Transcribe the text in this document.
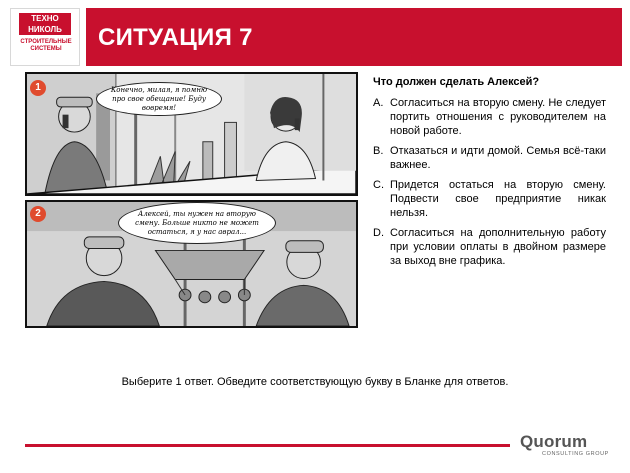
ТЕХНО
НИКОЛЬ
СТРОИТЕЛЬНЫЕ СИСТЕМЫ	СИТУАЦИЯ 7
1	Конечно, милая, я помню про свое обещание! Буду вовремя!
2	Алексей, ты нужен на вторую смену. Больше никто не может остаться, я у нас аврал...
Что должен сделать Алексей?
A. Согласиться на вторую смену. Не следует портить отношения с руководителем на новой работе.
B. Отказаться и идти домой. Семья всё-таки важнее.
C. Придется остаться на вторую смену. Подвести свое предприятие никак нельзя.
D. Согласиться на дополнительную работу при условии оплаты в двойном размере за выход вне графика.
Выберите 1 ответ. Обведите соответствующую букву в Бланке для ответов.
Quorum
CONSULTING GROUP
